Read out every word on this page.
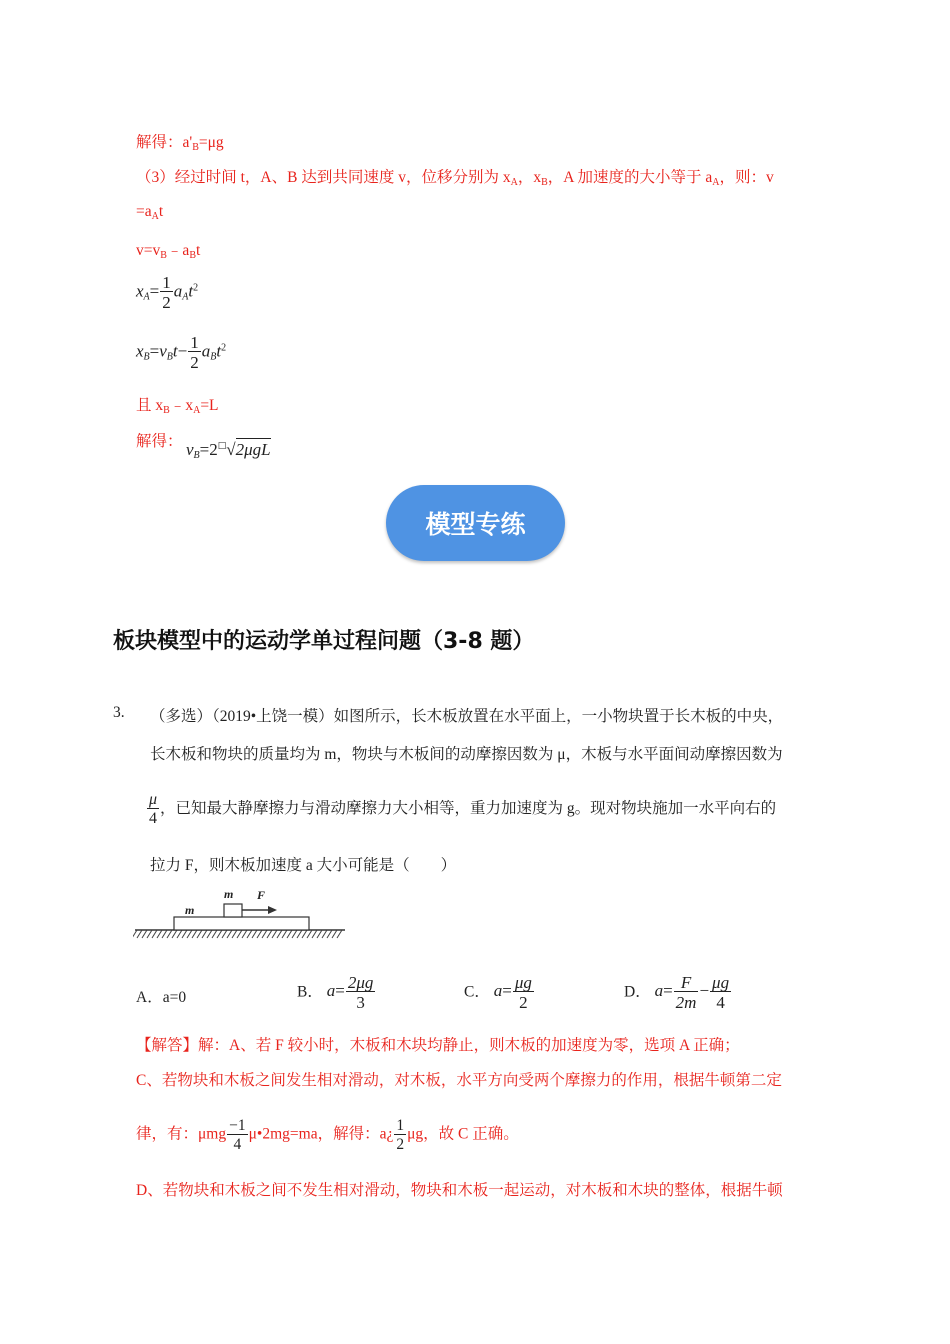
解得：$a'_B=\mu g$
（3）经过时间 t，A、B 达到共同速度 v，位移分别为 $x_A$，$x_B$，A 加速度的大小等于 $a_A$，则：v
$=a_At$
$v=v_B﹣a_Bt$
$x_A= \frac{1}{2} a_At^2$
$x_B=v_Bt- \frac{1}{2} a_Bt^2$
且 $x_B﹣x_A=L$
解得： $v_B=2^□√2\mu gL$
模型专练
板块模型中的运动学单过程问题（3-8 题）
3. （多选）（2019•上饶一模）如图所示，长木板放置在水平面上，一小物块置于长木板的中央，
长木板和物块的质量均为 m，物块与木板间的动摩擦因数为 μ，木板与水平面间动摩擦因数为
$\frac{\mu}{4}$ ，已知最大静摩擦力与滑动摩擦力大小相等，重力加速度为 g。现对物块施加一水平向右的
拉力 F，则木板加速度 a 大小可能是（　　）
m F
m
A．a=0	B． $a= \frac{2\mu g}{3}$	C． $a= \frac{\mu g}{2}$	D． $a= \frac{F}{2m} - \frac{\mu g}{4}$
【解答】解：A、若 F 较小时，木板和木块均静止，则木板的加速度为零，选项 A 正确；
C、若物块和木板之间发生相对滑动，对木板，水平方向受两个摩擦力的作用，根据牛顿第二定
律，有：μmg $\frac{-1}{4}$ μ•2mg=ma，解得：a¿ $\frac{1}{2}$ μg，故 C 正确。
D、若物块和木板之间不发生相对滑动，物块和木板一起运动，对木板和木块的整体，根据牛顿
